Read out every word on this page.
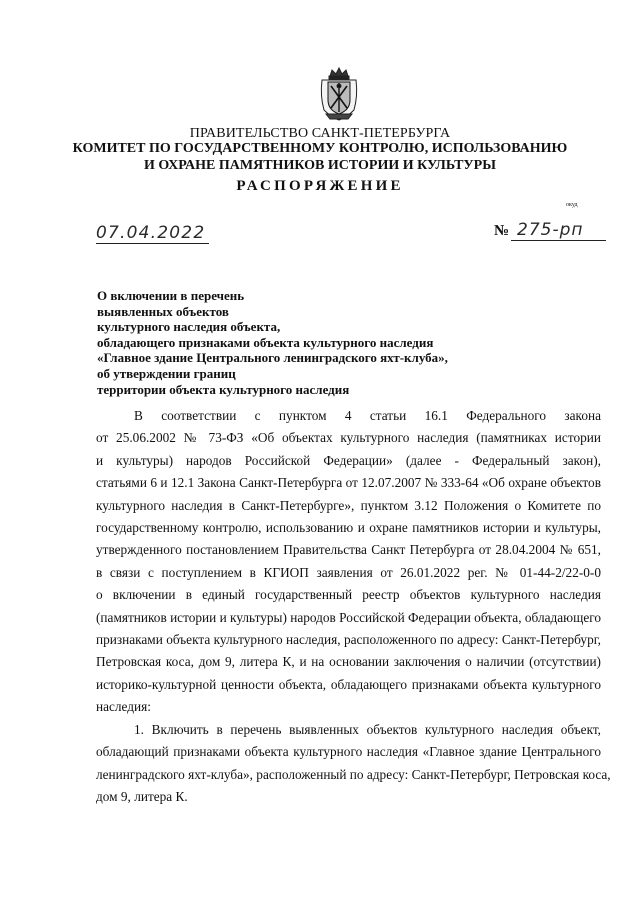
ПРАВИТЕЛЬСТВО САНКТ-ПЕТЕРБУРГА
КОМИТЕТ ПО ГОСУДАРСТВЕННОМУ КОНТРОЛЮ, ИСПОЛЬЗОВАНИЮ
И ОХРАНЕ ПАМЯТНИКОВ ИСТОРИИ И КУЛЬТУРЫ
РАСПОРЯЖЕНИЕ
окуд
07.04.2022	№ 275-рп
О включении в перечень
выявленных объектов
культурного наследия объекта,
обладающего признаками объекта культурного наследия
«Главное здание Центрального ленинградского яхт-клуба»,
об утверждении границ
территории объекта культурного наследия
В соответствии с пунктом 4 статьи 16.1 Федерального закона
от 25.06.2002 № 73-ФЗ «Об объектах культурного наследия (памятниках истории
и культуры) народов Российской Федерации» (далее - Федеральный закон),
статьями 6 и 12.1 Закона Санкт-Петербурга от 12.07.2007 № 333-64 «Об охране объектов
культурного наследия в Санкт-Петербурге», пунктом 3.12 Положения о Комитете по
государственному контролю, использованию и охране памятников истории и культуры,
утвержденного постановлением Правительства Санкт Петербурга от 28.04.2004 № 651,
в связи с поступлением в КГИОП заявления от 26.01.2022 рег. № 01-44-2/22-0-0
о включении в единый государственный реестр объектов культурного наследия
(памятников истории и культуры) народов Российской Федерации объекта, обладающего
признаками объекта культурного наследия, расположенного по адресу: Санкт-Петербург,
Петровская коса, дом 9, литера К, и на основании заключения о наличии (отсутствии)
историко-культурной ценности объекта, обладающего признаками объекта культурного
наследия:
1. Включить в перечень выявленных объектов культурного наследия объект,
обладающий признаками объекта культурного наследия «Главное здание Центрального
ленинградского яхт-клуба», расположенный по адресу: Санкт-Петербург, Петровская коса,
дом 9, литера К.
